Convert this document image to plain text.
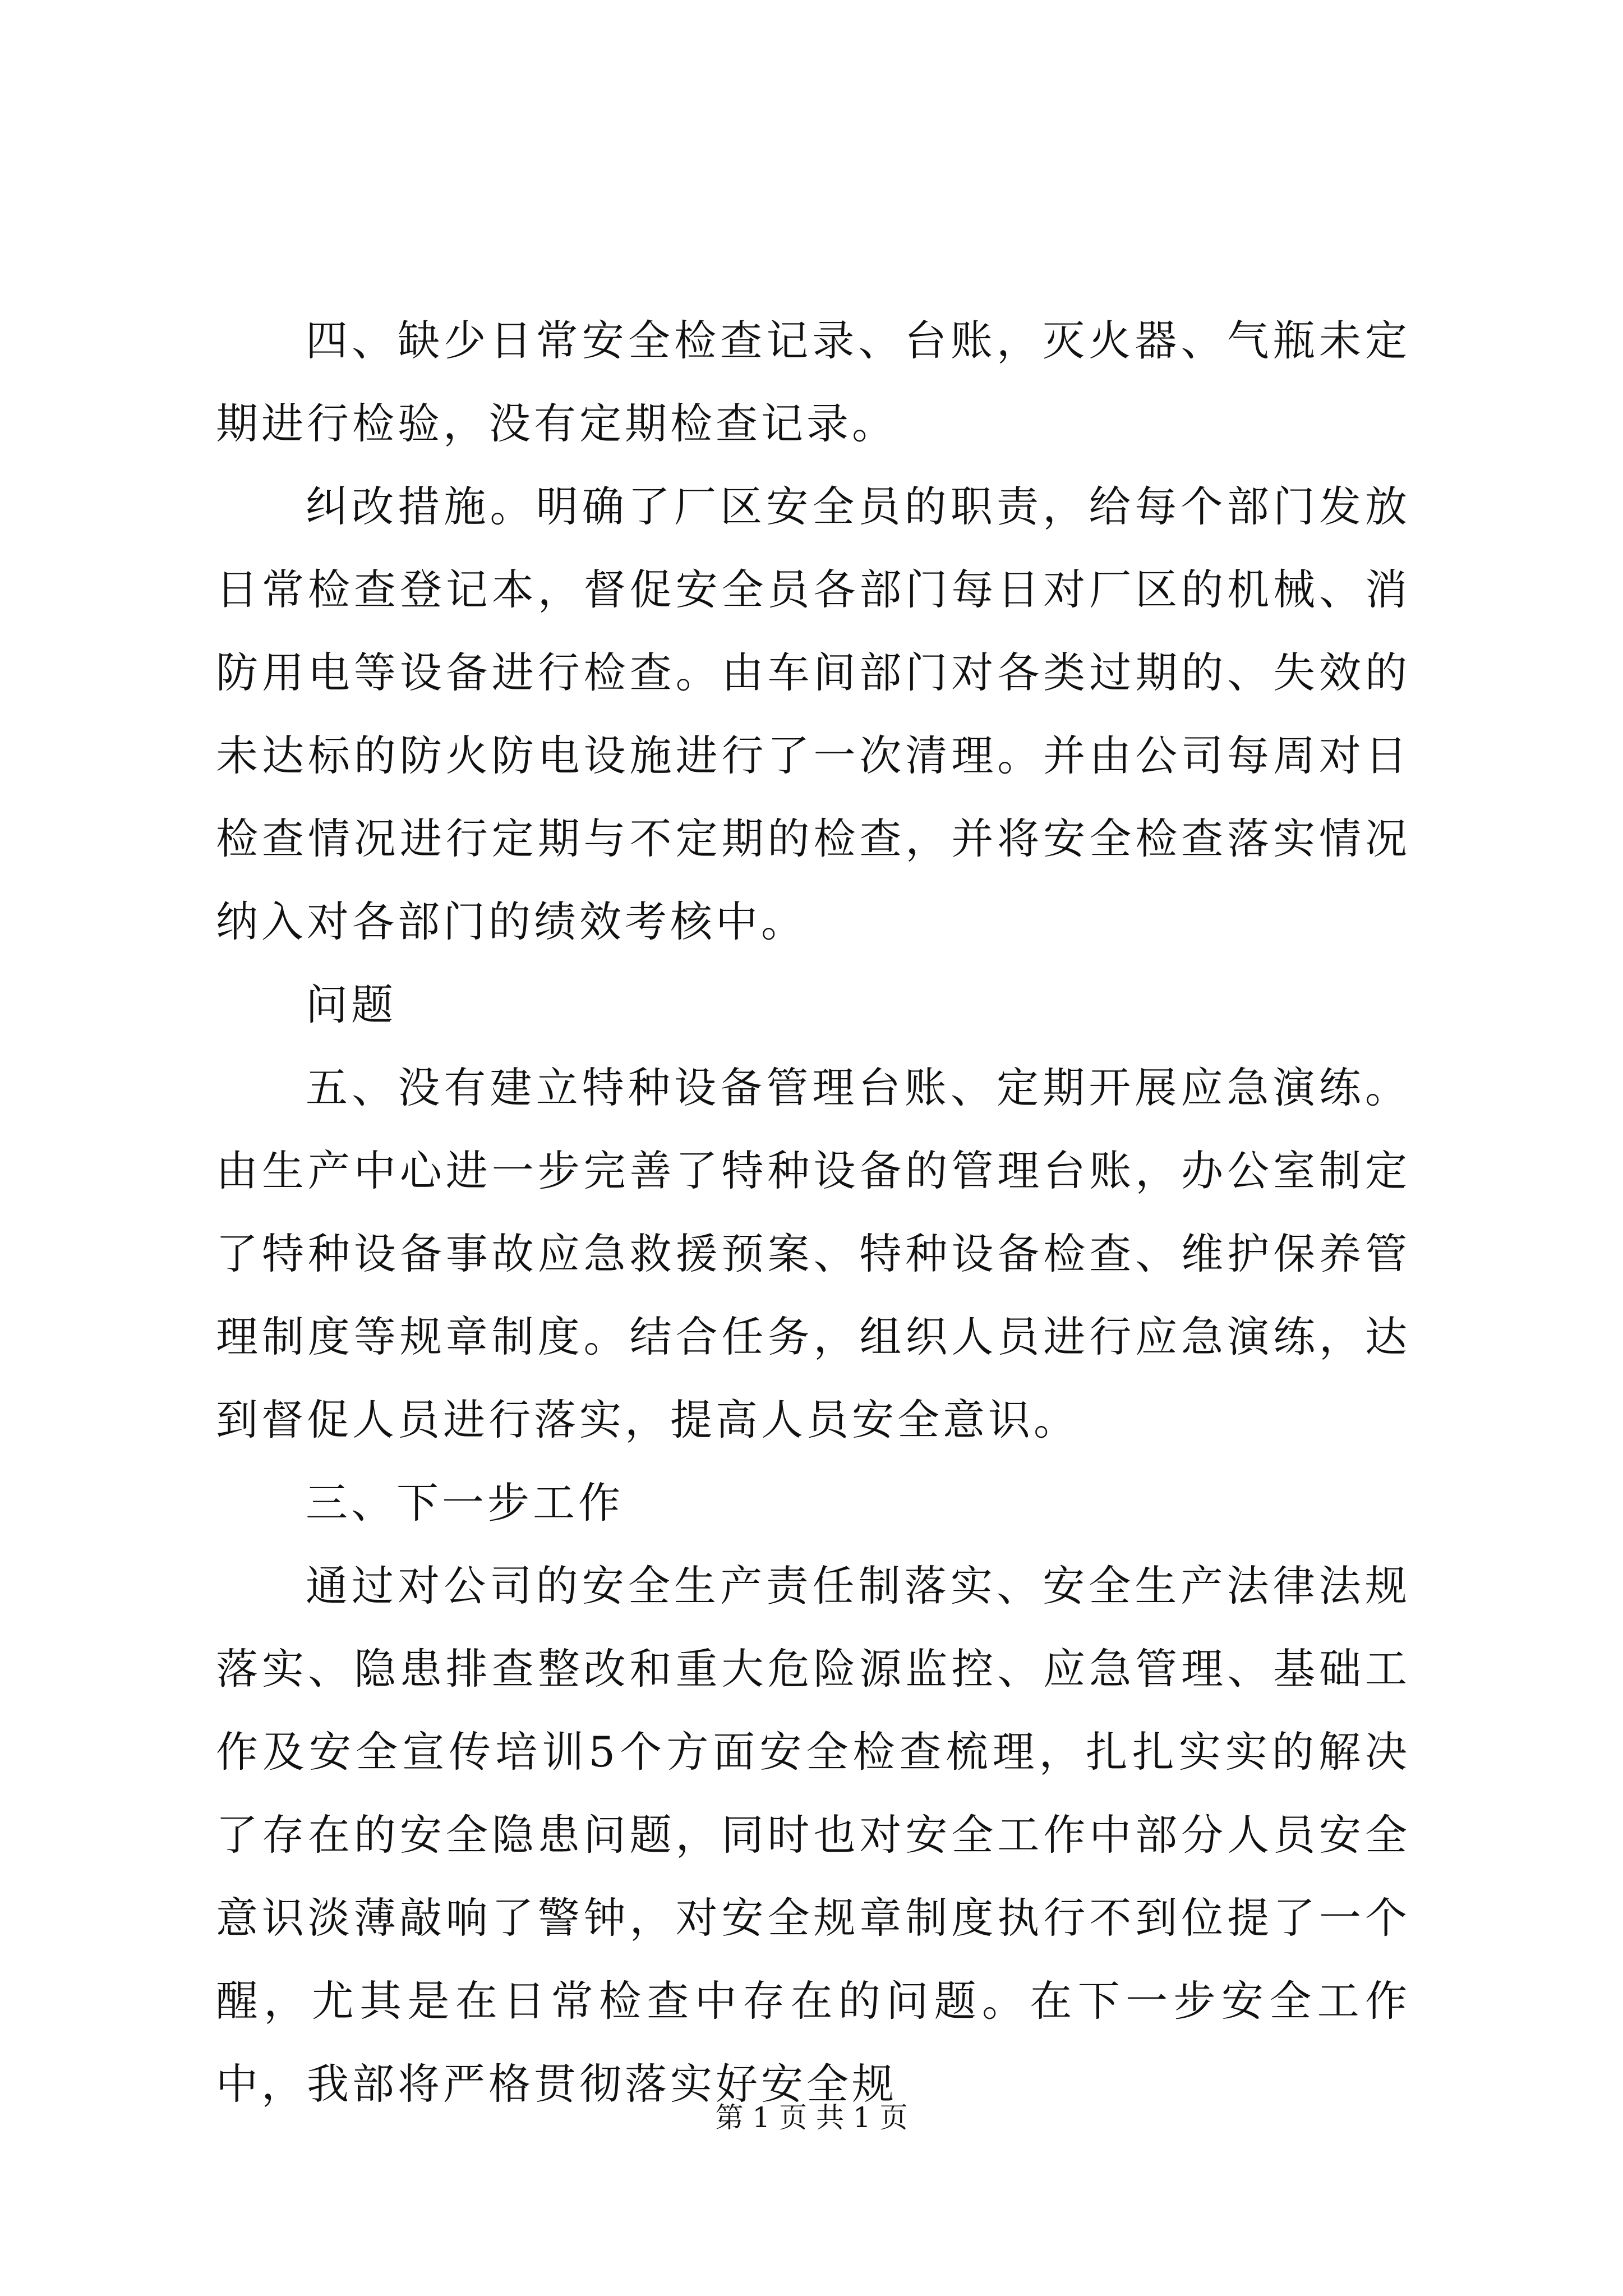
四、缺少日常安全检查记录、台账，灭火器、气瓶未定期进行检验，没有定期检查记录。

纠改措施。明确了厂区安全员的职责，给每个部门发放日常检查登记本，督促安全员各部门每日对厂区的机械、消防用电等设备进行检查。由车间部门对各类过期的、失效的未达标的防火防电设施进行了一次清理。并由公司每周对日检查情况进行定期与不定期的检查，并将安全检查落实情况纳入对各部门的绩效考核中。

问题

五、没有建立特种设备管理台账、定期开展应急演练。由生产中心进一步完善了特种设备的管理台账，办公室制定了特种设备事故应急救援预案、特种设备检查、维护保养管理制度等规章制度。结合任务，组织人员进行应急演练，达到督促人员进行落实，提高人员安全意识。

三、下一步工作

通过对公司的安全生产责任制落实、安全生产法律法规落实、隐患排查整改和重大危险源监控、应急管理、基础工作及安全宣传培训5个方面安全检查梳理，扎扎实实的解决了存在的安全隐患问题，同时也对安全工作中部分人员安全意识淡薄敲响了警钟，对安全规章制度执行不到位提了一个醒，尤其是在日常检查中存在的问题。在下一步安全工作中，我部将严格贯彻落实好安全规

第 1 页 共 1 页
